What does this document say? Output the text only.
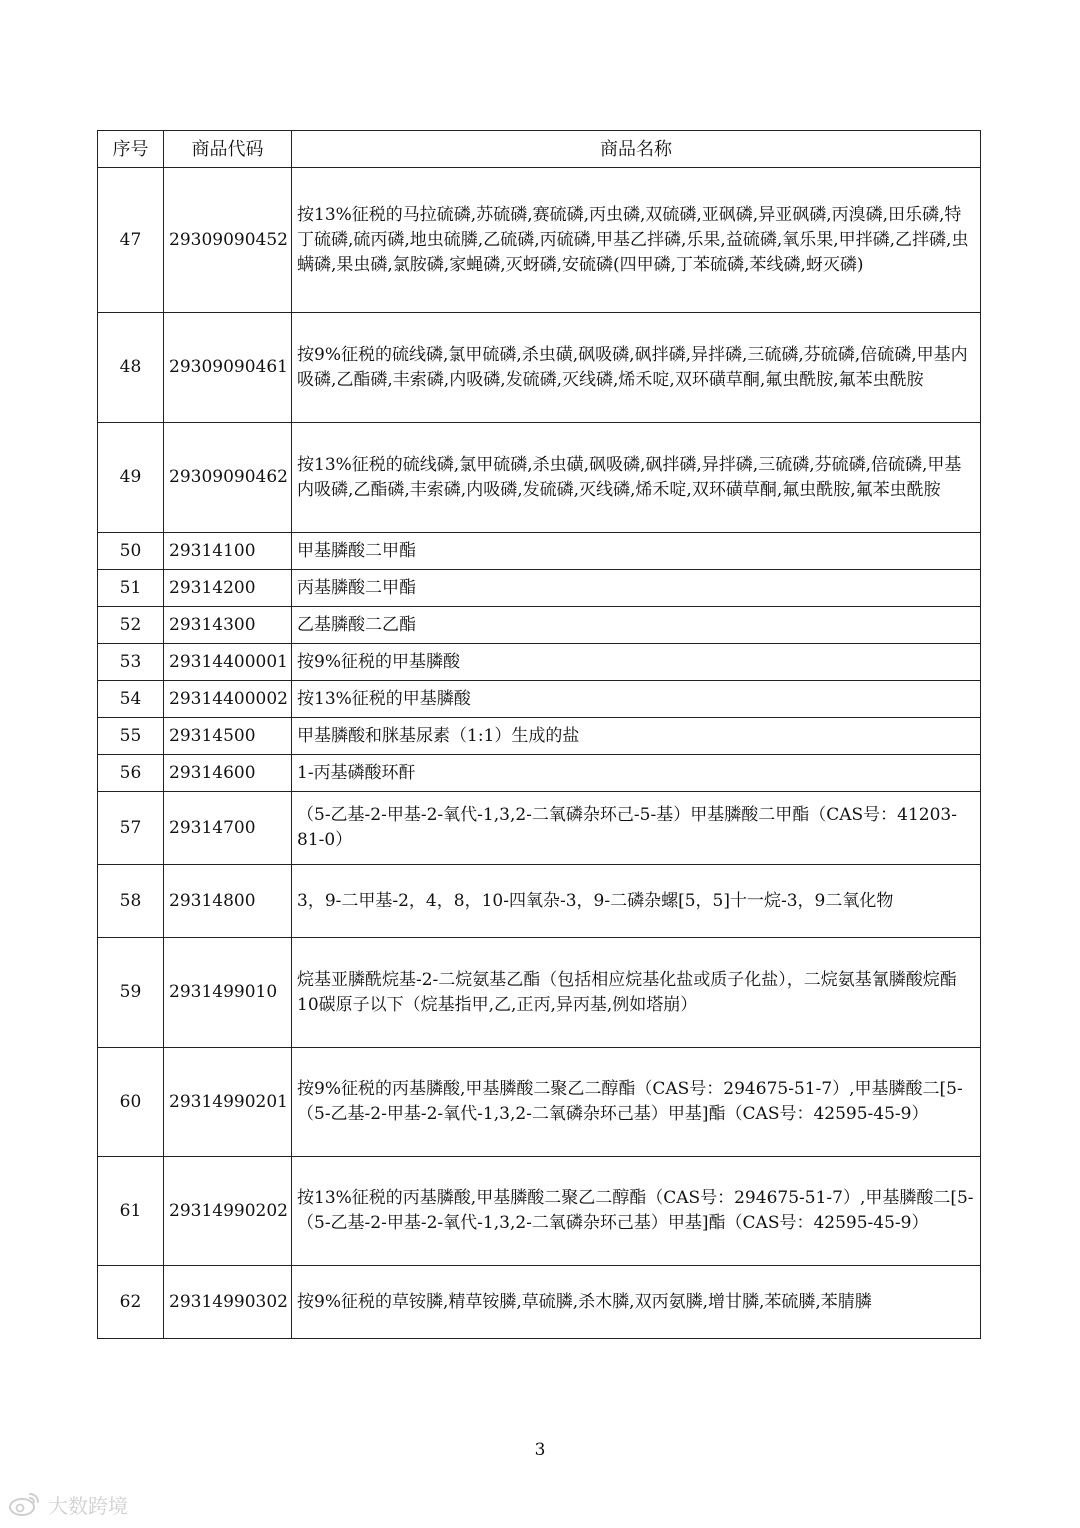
序号	商品代码	商品名称
47	29309090452	按13%征税的马拉硫磷,苏硫磷,赛硫磷,丙虫磷,双硫磷,亚砜磷,异亚砜磷,丙溴磷,田乐磷,特丁硫磷,硫丙磷,地虫硫膦,乙硫磷,丙硫磷,甲基乙拌磷,乐果,益硫磷,氧乐果,甲拌磷,乙拌磷,虫螨磷,果虫磷,氯胺磷,家蝇磷,灭蚜磷,安硫磷(四甲磷,丁苯硫磷,苯线磷,蚜灭磷)
48	29309090461	按9%征税的硫线磷,氯甲硫磷,杀虫磺,砜吸磷,砜拌磷,异拌磷,三硫磷,芬硫磷,倍硫磷,甲基内吸磷,乙酯磷,丰索磷,内吸磷,发硫磷,灭线磷,烯禾啶,双环磺草酮,氟虫酰胺,氟苯虫酰胺
49	29309090462	按13%征税的硫线磷,氯甲硫磷,杀虫磺,砜吸磷,砜拌磷,异拌磷,三硫磷,芬硫磷,倍硫磷,甲基内吸磷,乙酯磷,丰索磷,内吸磷,发硫磷,灭线磷,烯禾啶,双环磺草酮,氟虫酰胺,氟苯虫酰胺
50	29314100	甲基膦酸二甲酯
51	29314200	丙基膦酸二甲酯
52	29314300	乙基膦酸二乙酯
53	29314400001	按9%征税的甲基膦酸
54	29314400002	按13%征税的甲基膦酸
55	29314500	甲基膦酸和脒基尿素（1:1）生成的盐
56	29314600	1-丙基磷酸环酐
57	29314700	（5-乙基-2-甲基-2-氧代-1,3,2-二氧磷杂环己-5-基）甲基膦酸二甲酯（CAS号：41203-81-0）
58	29314800	3，9-二甲基-2，4，8，10-四氧杂-3，9-二磷杂螺[5，5]十一烷-3，9二氧化物
59	2931499010	烷基亚膦酰烷基-2-二烷氨基乙酯（包括相应烷基化盐或质子化盐），二烷氨基氰膦酸烷酯10碳原子以下（烷基指甲,乙,正丙,异丙基,例如塔崩）
60	29314990201	按9%征税的丙基膦酸,甲基膦酸二聚乙二醇酯（CAS号：294675-51-7）,甲基膦酸二[5-（5-乙基-2-甲基-2-氧代-1,3,2-二氧磷杂环己基）甲基]酯（CAS号：42595-45-9）
61	29314990202	按13%征税的丙基膦酸,甲基膦酸二聚乙二醇酯（CAS号：294675-51-7）,甲基膦酸二[5-（5-乙基-2-甲基-2-氧代-1,3,2-二氧磷杂环己基）甲基]酯（CAS号：42595-45-9）
62	29314990302	按9%征税的草铵膦,精草铵膦,草硫膦,杀木膦,双丙氨膦,增甘膦,苯硫膦,苯腈膦
3
大数跨境
